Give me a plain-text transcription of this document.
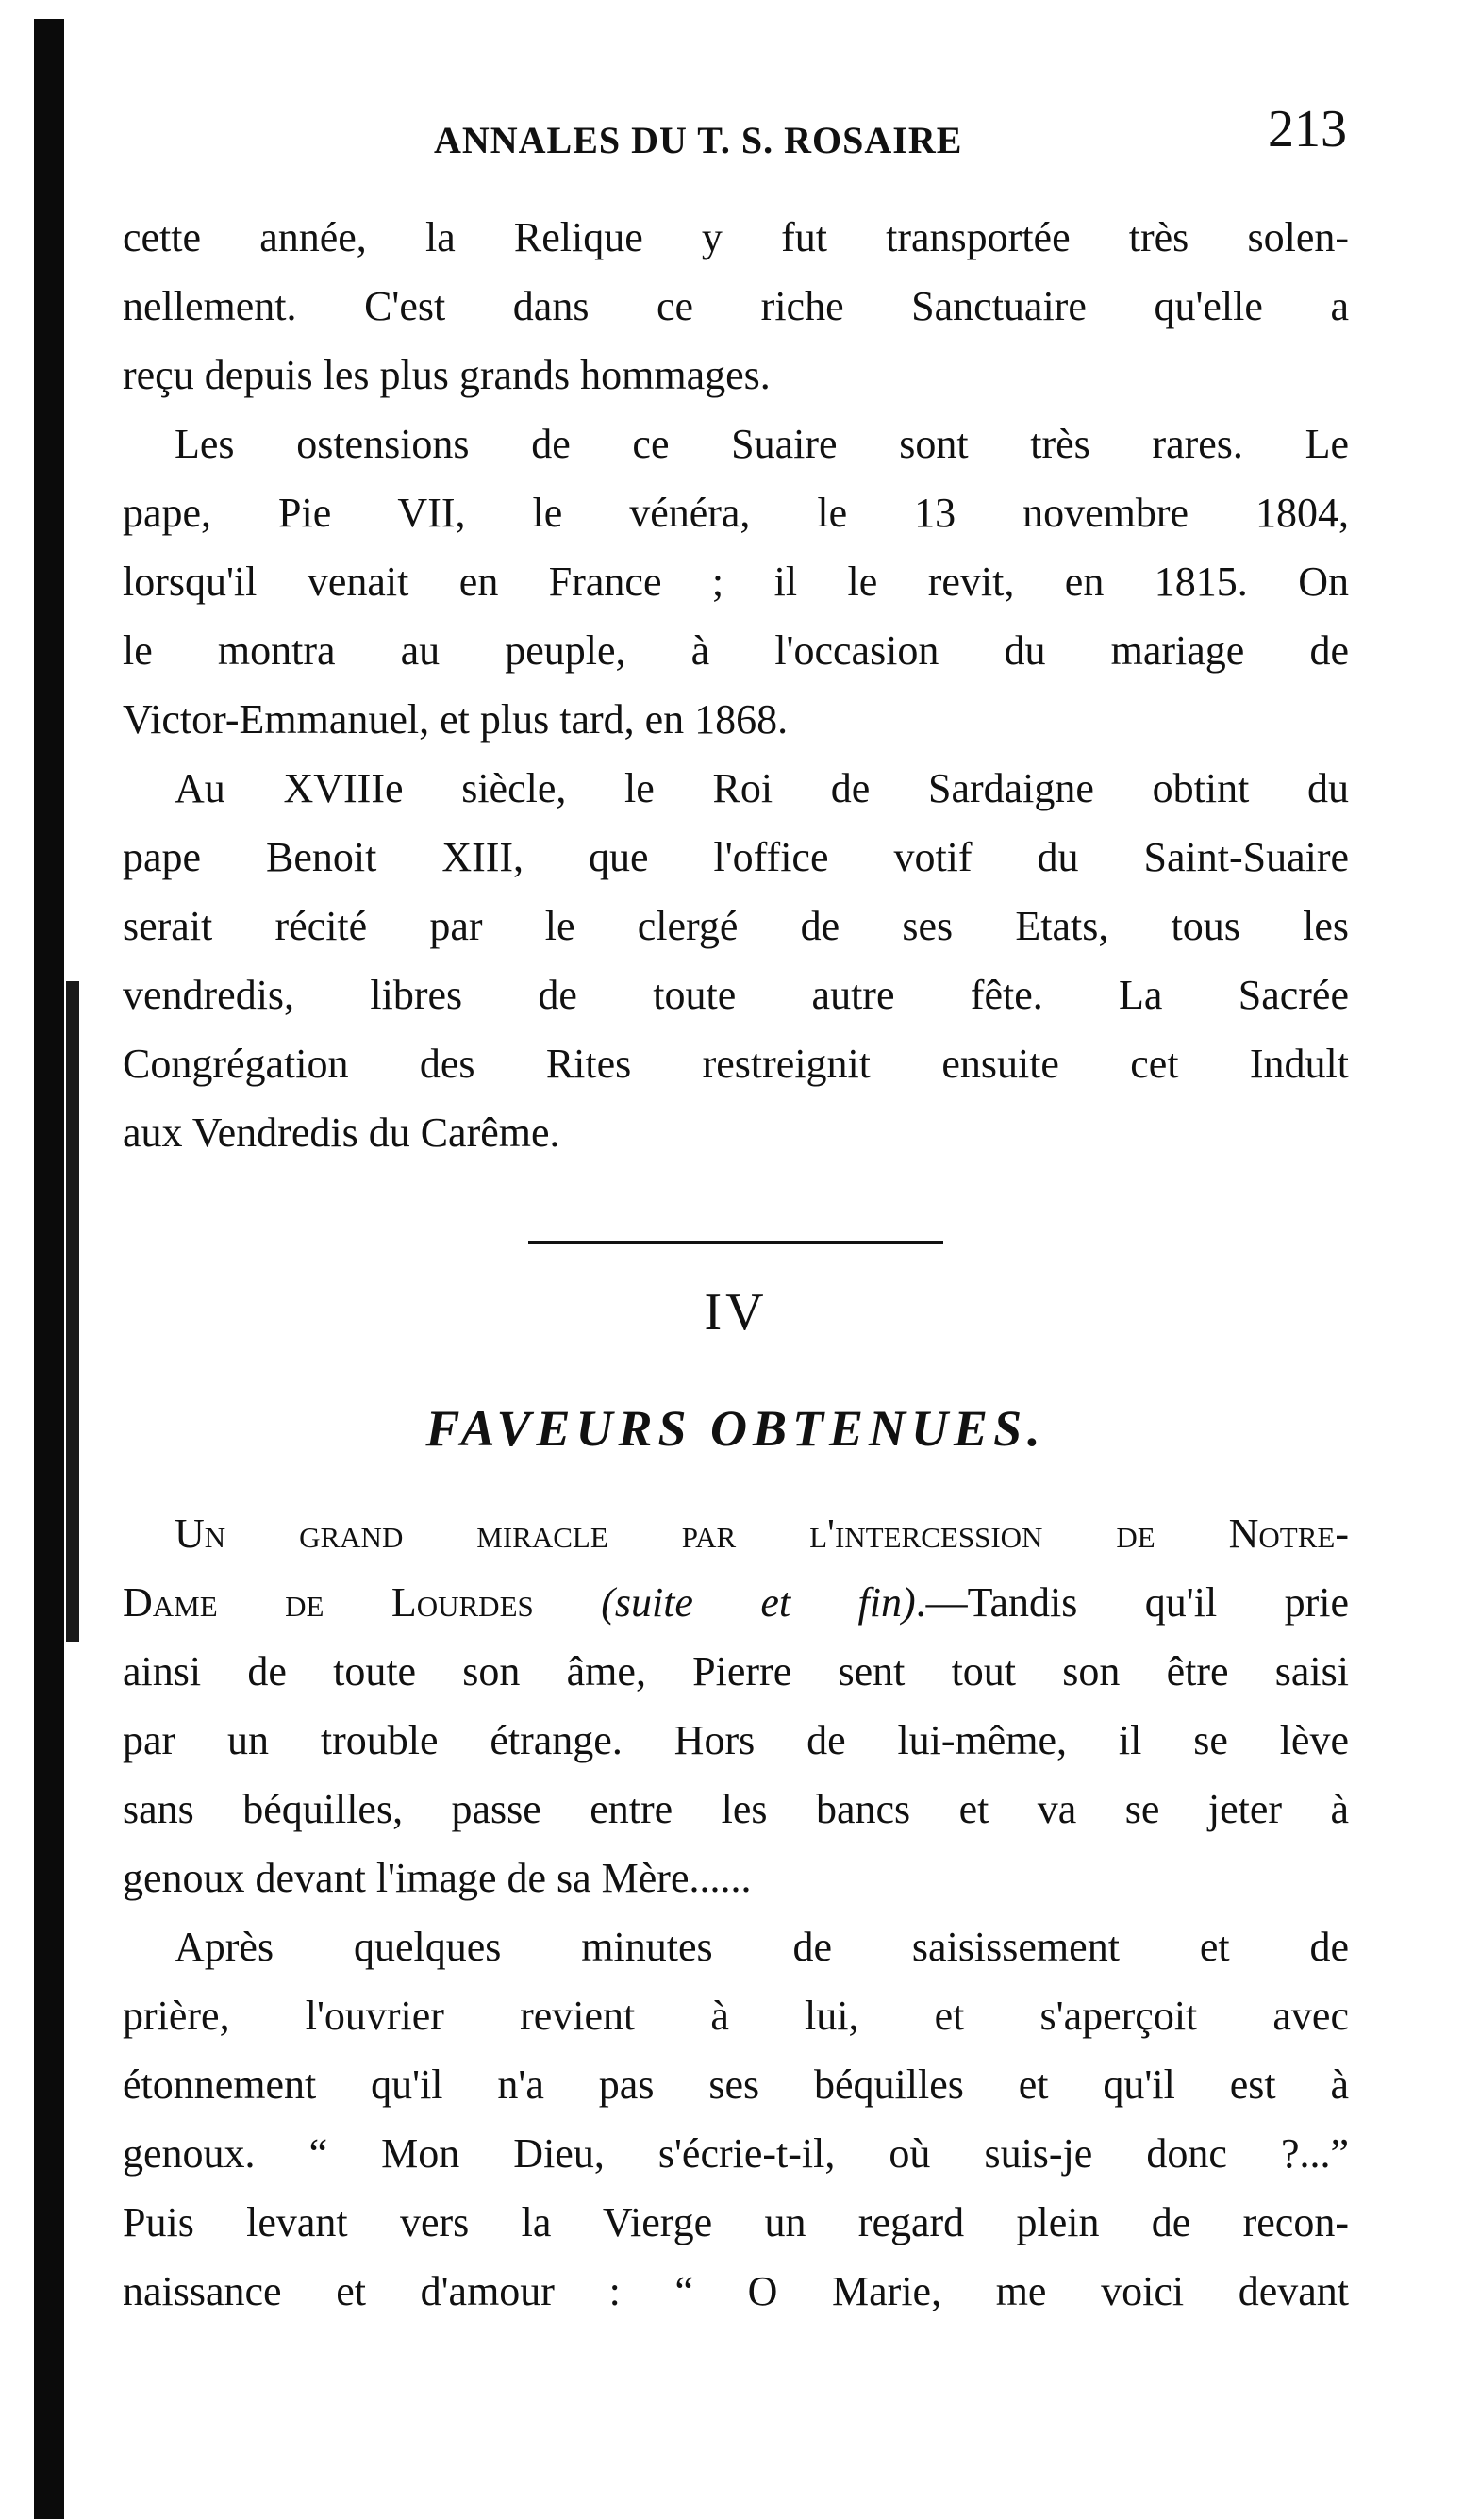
ANNALES DU T. S. ROSAIRE	213

cette année, la Relique y fut transportée très solen-

nellement. C'est dans ce riche Sanctuaire qu'elle a

reçu depuis les plus grands hommages.

Les ostensions de ce Suaire sont très rares. Le

pape, Pie VII, le vénéra, le 13 novembre 1804,

lorsqu'il venait en France ; il le revit, en 1815. On

le montra au peuple, à l'occasion du mariage de

Victor-Emmanuel, et plus tard, en 1868.

Au XVIIIe siècle, le Roi de Sardaigne obtint du

pape Benoit XIII, que l'office votif du Saint-Suaire

serait récité par le clergé de ses Etats, tous les

vendredis, libres de toute autre fête. La Sacrée

Congrégation des Rites restreignit ensuite cet Indult

aux Vendredis du Carême.

IV
FAVEURS OBTENUES.

Un grand miracle par l'intercession de Notre-

Dame de Lourdes (suite et fin).—Tandis qu'il prie

ainsi de toute son âme, Pierre sent tout son être saisi

par un trouble étrange. Hors de lui-même, il se lève

sans béquilles, passe entre les bancs et va se jeter à

genoux devant l'image de sa Mère......

Après quelques minutes de saisissement et de

prière, l'ouvrier revient à lui, et s'aperçoit avec

étonnement qu'il n'a pas ses béquilles et qu'il est à

genoux. “ Mon Dieu, s'écrie-t-il, où suis-je donc ?...”

Puis levant vers la Vierge un regard plein de recon-

naissance et d'amour : “ O Marie, me voici devant
